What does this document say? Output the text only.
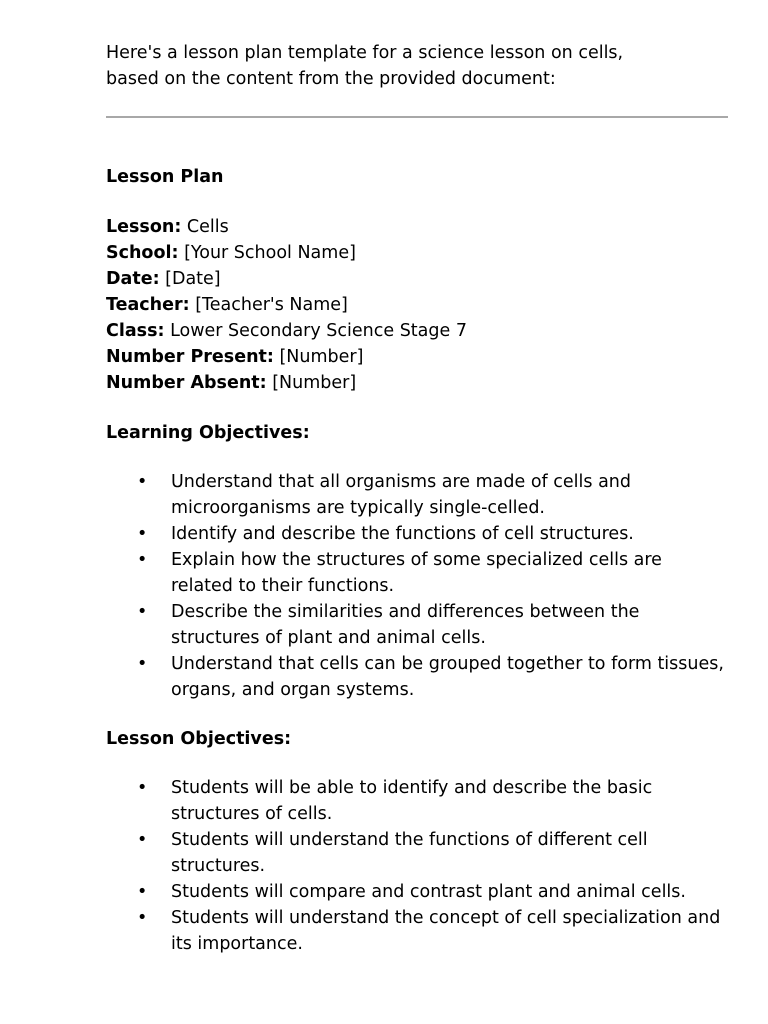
Here's a lesson plan template for a science lesson on cells,
based on the content from the provided document:

Lesson Plan
Lesson: Cells
School: [Your School Name]
Date: [Date]
Teacher: [Teacher's Name]
Class: Lower Secondary Science Stage 7
Number Present: [Number]
Number Absent: [Number]
Learning Objectives:
• Understand that all organisms are made of cells and microorganisms are typically single-celled.
• Identify and describe the functions of cell structures.
• Explain how the structures of some specialized cells are related to their functions.
• Describe the similarities and differences between the structures of plant and animal cells.
• Understand that cells can be grouped together to form tissues, organs, and organ systems.
Lesson Objectives:
• Students will be able to identify and describe the basic structures of cells.
• Students will understand the functions of different cell structures.
• Students will compare and contrast plant and animal cells.
• Students will understand the concept of cell specialization and its importance.
